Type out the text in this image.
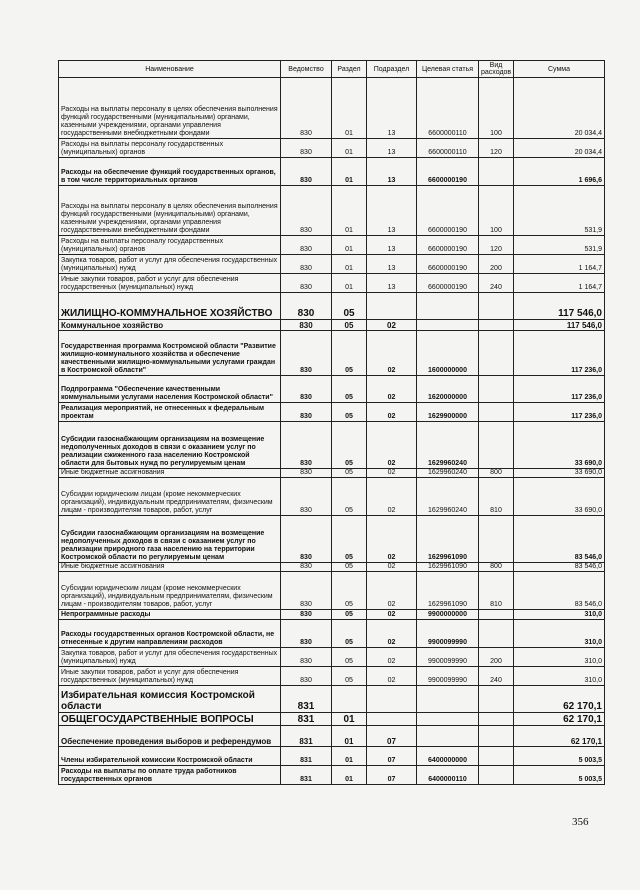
Наименование	Ведомство	Раздел	Подраздел	Целевая статья	Вид расходов	Сумма
Расходы на выплаты персоналу в целях обеспечения выполнения функций государственными (муниципальными) органами, казенными учреждениями, органами управления государственными внебюджетными фондами	830	01	13	6600000110	100	20 034,4
Расходы на выплаты персоналу государственных (муниципальных) органов	830	01	13	6600000110	120	20 034,4
Расходы на обеспечение функций государственных органов, в том числе территориальных органов	830	01	13	6600000190		1 696,6
Расходы на выплаты персоналу в целях обеспечения выполнения функций государственными (муниципальными) органами, казенными учреждениями, органами управления государственными внебюджетными фондами	830	01	13	6600000190	100	531,9
Расходы на выплаты персоналу государственных (муниципальных) органов	830	01	13	6600000190	120	531,9
Закупка товаров, работ и услуг для обеспечения государственных (муниципальных) нужд	830	01	13	6600000190	200	1 164,7
Иные закупки товаров, работ и услуг для обеспечения государственных (муниципальных) нужд	830	01	13	6600000190	240	1 164,7
ЖИЛИЩНО-КОММУНАЛЬНОЕ ХОЗЯЙСТВО	830	05				117 546,0
Коммунальное хозяйство	830	05	02			117 546,0
Государственная программа Костромской области "Развитие жилищно-коммунального хозяйства и обеспечение качественными жилищно-коммунальными услугами граждан в Костромской области"	830	05	02	1600000000		117 236,0
Подпрограмма "Обеспечение качественными коммунальными услугами населения Костромской области"	830	05	02	1620000000		117 236,0
Реализация мероприятий, не отнесенных к федеральным проектам	830	05	02	1629900000		117 236,0
Субсидии газоснабжающим организациям на возмещение недополученных доходов в связи с оказанием услуг по реализации сжиженного газа населению Костромской области для бытовых нужд по регулируемым ценам	830	05	02	1629960240		33 690,0
Иные бюджетные ассигнования	830	05	02	1629960240	800	33 690,0
Субсидии юридическим лицам (кроме некоммерческих организаций), индивидуальным предпринимателям, физическим лицам - производителям товаров, работ, услуг	830	05	02	1629960240	810	33 690,0
Субсидии газоснабжающим организациям на возмещение недополученных доходов в связи с оказанием услуг по реализации природного газа населению на территории Костромской области по регулируемым ценам	830	05	02	1629961090		83 546,0
Иные бюджетные ассигнования	830	05	02	1629961090	800	83 546,0
Субсидии юридическим лицам (кроме некоммерческих организаций), индивидуальным предпринимателям, физическим лицам - производителям товаров, работ, услуг	830	05	02	1629961090	810	83 546,0
Непрограммные расходы	830	05	02	9900000000		310,0
Расходы государственных органов Костромской области, не отнесенные к другим направлениям расходов	830	05	02	9900099990		310,0
Закупка товаров, работ и услуг для обеспечения государственных (муниципальных) нужд	830	05	02	9900099990	200	310,0
Иные закупки товаров, работ и услуг для обеспечения государственных (муниципальных) нужд	830	05	02	9900099990	240	310,0
Избирательная комиссия Костромской области	831					62 170,1
ОБЩЕГОСУДАРСТВЕННЫЕ ВОПРОСЫ	831	01				62 170,1
Обеспечение проведения выборов и референдумов	831	01	07			62 170,1
Члены избирательной комиссии Костромской области	831	01	07	6400000000		5 003,5
Расходы на выплаты по оплате труда работников государственных органов	831	01	07	6400000110		5 003,5
356
